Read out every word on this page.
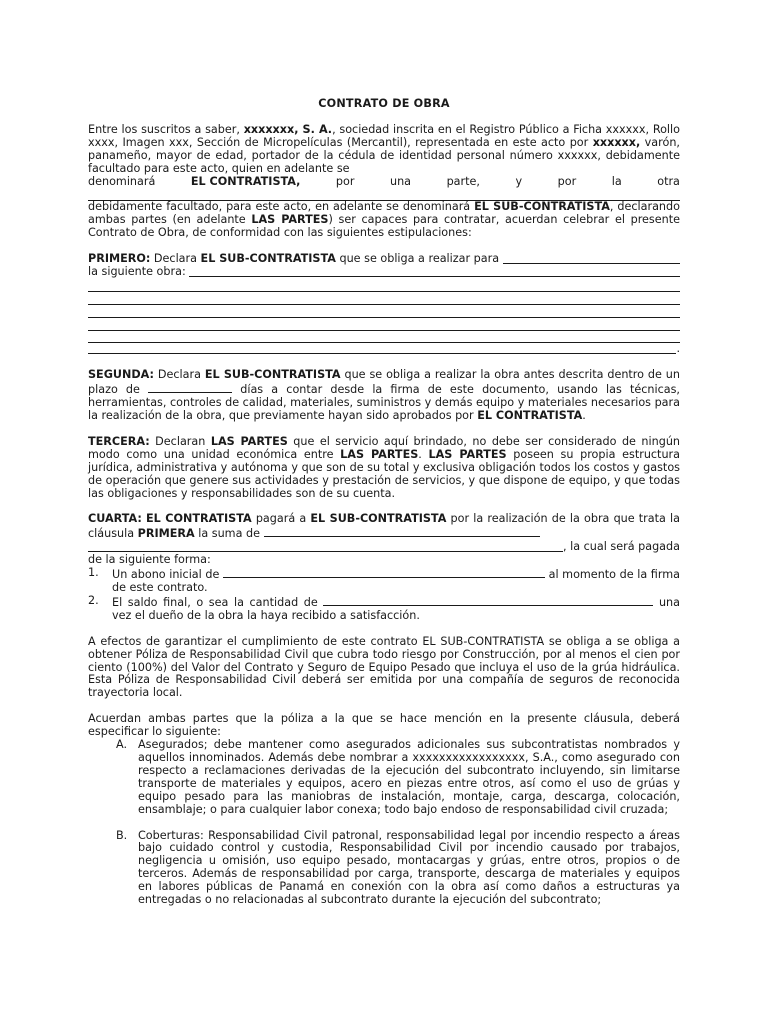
CONTRATO DE OBRA

Entre los suscritos a saber, xxxxxxx, S. A., sociedad inscrita en el Registro Público a Ficha xxxxxx, Rollo xxxx, Imagen xxx, Sección de Micropelículas (Mercantil), representada en este acto por xxxxxx, varón, panameño, mayor de edad, portador de la cédula de identidad personal número xxxxxx, debidamente facultado para este acto, quien en adelante se

denominará	EL CONTRATISTA,	por	una	parte,	y	por	la	otra

debidamente facultado, para este acto, en adelante se denominará EL SUB-CONTRATISTA, declarando ambas partes (en adelante LAS PARTES) ser capaces para contratar, acuerdan celebrar el presente Contrato de Obra, de conformidad con las siguientes estipulaciones:

PRIMERO: Declara EL SUB-CONTRATISTA que se obliga a realizar para
la siguiente obra:

.

SEGUNDA: Declara EL SUB-CONTRATISTA que se obliga a realizar la obra antes descrita dentro de un plazo de	días a contar desde la firma de este documento, usando las técnicas, herramientas, controles de calidad, materiales, suministros y demás equipo y materiales necesarios para la realización de la obra, que previamente hayan sido aprobados por EL CONTRATISTA.

TERCERA: Declaran LAS PARTES que el servicio aquí brindado, no debe ser considerado de ningún modo como una unidad económica entre LAS PARTES. LAS PARTES poseen su propia estructura jurídica, administrativa y autónoma y que son de su total y exclusiva obligación todos los costos y gastos de operación que genere sus actividades y prestación de servicios, y que dispone de equipo, y que todas las obligaciones y responsabilidades son de su cuenta.

CUARTA: EL CONTRATISTA pagará a EL SUB-CONTRATISTA por la realización de la obra que trata la cláusula PRIMERA la suma de
, la cual será pagada
de la siguiente forma:
1. Un abono inicial de	al momento de la firma de este contrato.
2. El saldo final, o sea la cantidad de	una vez el dueño de la obra la haya recibido a satisfacción.

A efectos de garantizar el cumplimiento de este contrato EL SUB-CONTRATISTA se obliga a se obliga a obtener Póliza de Responsabilidad Civil que cubra todo riesgo por Construcción, por al menos el cien por ciento (100%) del Valor del Contrato y Seguro de Equipo Pesado que incluya el uso de la grúa hidráulica. Esta Póliza de Responsabilidad Civil deberá ser emitida por una compañía de seguros de reconocida trayectoria local.

Acuerdan ambas partes que la póliza a la que se hace mención en la presente cláusula, deberá especificar lo siguiente:

A. Asegurados; debe mantener como asegurados adicionales sus subcontratistas nombrados y aquellos innominados. Además debe nombrar a xxxxxxxxxxxxxxxxx, S.A., como asegurado con respecto a reclamaciones derivadas de la ejecución del subcontrato incluyendo, sin limitarse transporte de materiales y equipos, acero en piezas entre otros, así como el uso de grúas y equipo pesado para las maniobras de instalación, montaje, carga, descarga, colocación, ensamblaje; o para cualquier labor conexa; todo bajo endoso de responsabilidad civil cruzada;
B. Coberturas: Responsabilidad Civil patronal, responsabilidad legal por incendio respecto a áreas bajo cuidado control y custodia, Responsabilidad Civil por incendio causado por trabajos, negligencia u omisión, uso equipo pesado, montacargas y grúas, entre otros, propios o de terceros. Además de responsabilidad por carga, transporte, descarga de materiales y equipos en labores públicas de Panamá en conexión con la obra así como daños a estructuras ya entregadas o no relacionadas al subcontrato durante la ejecución del subcontrato;
